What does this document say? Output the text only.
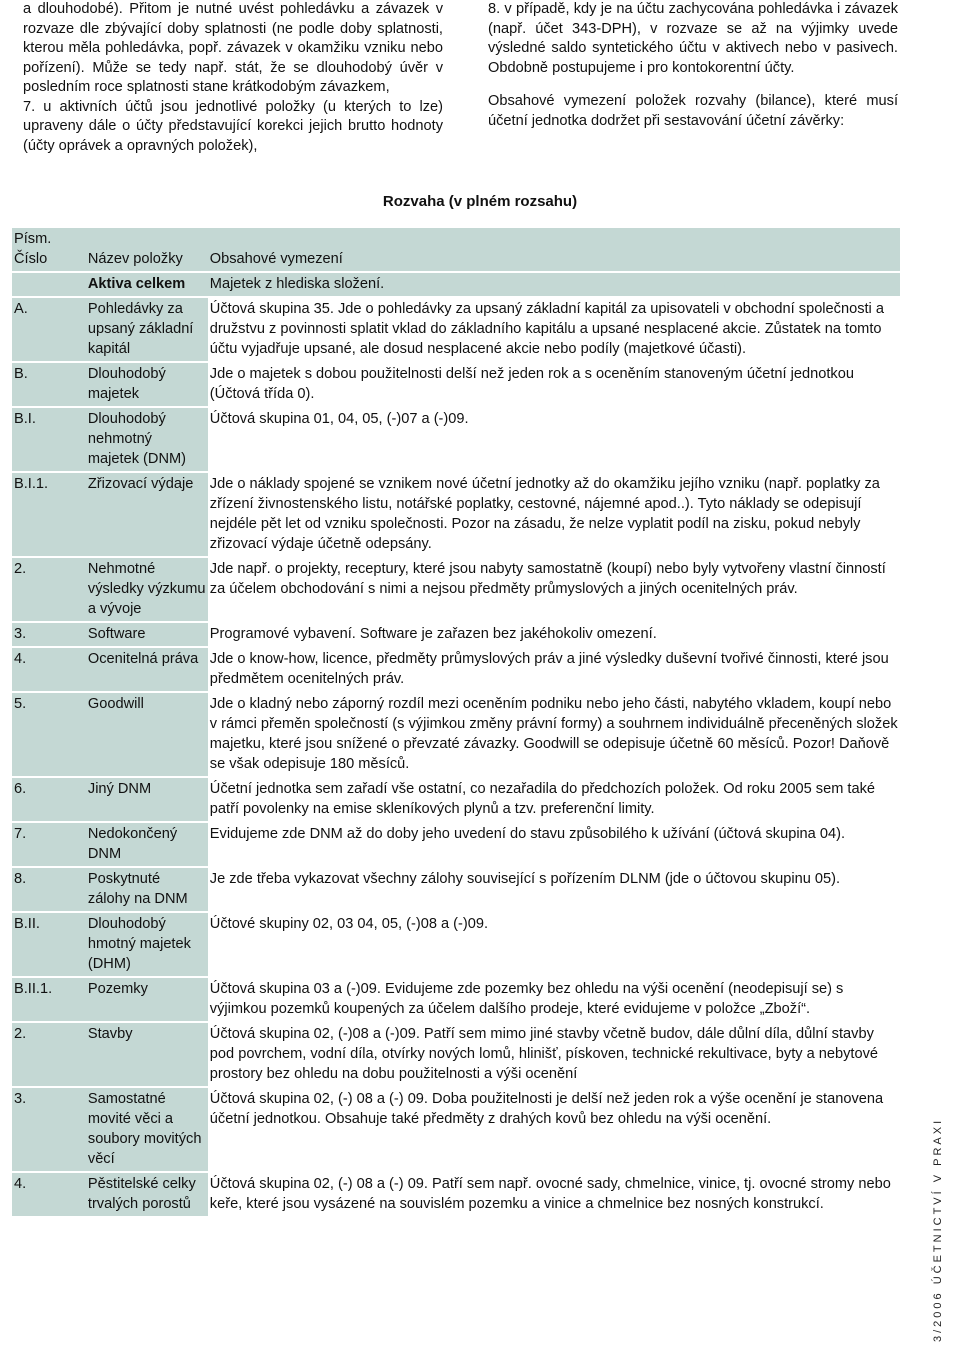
a dlouhodobé). Přitom je nutné uvést pohledávku a závazek v rozvaze dle zbývající doby splatnosti (ne podle doby splatnosti, kterou měla pohledávka, popř. závazek v okamžiku vzniku nebo pořízení). Může se tedy např. stát, že se dlouhodobý úvěr v posledním roce splatnosti stane krátkodobým závazkem,

7. u aktivních účtů jsou jednotlivé položky (u kterých to lze) upraveny dále o účty představující korekci jejich brutto hodnoty (účty oprávek a opravných položek),

8. v případě, kdy je na účtu zachycována pohledávka i závazek (např. účet 343-DPH), v rozvaze se až na výjimky uvede výsledné saldo syntetického účtu v aktivech nebo v pasivech. Obdobně postupujeme i pro kontokorentní účty.

Obsahové vymezení položek rozvahy (bilance), které musí účetní jednotka dodržet při sestavování účetní závěrky:

Rozvaha (v plném rozsahu)
Písm. Číslo	Název položky	Obsahové vymezení
	Aktiva celkem	Majetek z hlediska složení.
A.	Pohledávky za upsaný základní kapitál	Účtová skupina 35. Jde o pohledávky za upsaný základní kapitál za upisovateli v obchodní společnosti a družstvu z povinnosti splatit vklad do základního kapitálu a upsané nesplacené akcie. Zůstatek na tomto účtu vyjadřuje upsané, ale dosud nesplacené akcie nebo podíly (majetkové účasti).
B.	Dlouhodobý majetek	Jde o majetek s dobou použitelnosti delší než jeden rok a s oceněním stanoveným účetní jednotkou (Účtová třída 0).
B.I.	Dlouhodobý nehmotný majetek (DNM)	Účtová skupina 01, 04, 05, (-)07 a (-)09.
B.I.1.	Zřizovací výdaje	Jde o náklady spojené se vznikem nové účetní jednotky až do okamžiku jejího vzniku (např. poplatky za zřízení živnostenského listu, notářské poplatky, cestovné, nájemné apod..). Tyto náklady se odepisují nejdéle pět let od vzniku společnosti. Pozor na zásadu, že nelze vyplatit podíl na zisku, pokud nebyly zřizovací výdaje účetně odepsány.
2.	Nehmotné výsledky výzkumu a vývoje	Jde např. o projekty, receptury, které jsou nabyty samostatně (koupí) nebo byly vytvořeny vlastní činností za účelem obchodování s nimi a nejsou předměty průmyslových a jiných ocenitelných práv.
3.	Software	Programové vybavení. Software je zařazen bez jakéhokoliv omezení.
4.	Ocenitelná práva	Jde o know-how, licence, předměty průmyslových práv a jiné výsledky duševní tvořivé činnosti, které jsou předmětem ocenitelných práv.
5.	Goodwill	Jde o kladný nebo záporný rozdíl mezi oceněním podniku nebo jeho části, nabytého vkladem, koupí nebo v rámci přeměn společností (s výjimkou změny právní formy) a souhrnem individuálně přeceněných složek majetku, které jsou snížené o převzaté závazky. Goodwill se odepisuje účetně 60 měsíců. Pozor! Daňově se však odepisuje 180 měsíců.
6.	Jiný DNM	Účetní jednotka sem zařadí vše ostatní, co nezařadila do předchozích položek. Od roku 2005 sem také patří povolenky na emise skleníkových plynů a tzv. preferenční limity.
7.	Nedokončený DNM	Evidujeme zde DNM až do doby jeho uvedení do stavu způsobilého k užívání (účtová skupina 04).
8.	Poskytnuté zálohy na DNM	Je zde třeba vykazovat všechny zálohy související s pořízením DLNM (jde o účtovou skupinu 05).
B.II.	Dlouhodobý hmotný majetek (DHM)	Účtové skupiny 02, 03 04, 05, (-)08 a (-)09.
B.II.1.	Pozemky	Účtová skupina 03 a (-)09. Evidujeme zde pozemky bez ohledu na výši ocenění (neodepisují se) s výjimkou pozemků koupených za účelem dalšího prodeje, které evidujeme v položce „Zboží“.
2.	Stavby	Účtová skupina 02, (-)08 a (-)09. Patří sem mimo jiné stavby včetně budov, dále důlní díla, důlní stavby pod povrchem, vodní díla, otvírky nových lomů, hlinišť, pískoven, technické rekultivace, byty a nebytové prostory bez ohledu na dobu použitelnosti a výši ocenění
3.	Samostatné movité věci a soubory movitých věcí	Účtová skupina 02, (-) 08 a (-) 09. Doba použitelnosti je delší než jeden rok a výše ocenění je stanovena účetní jednotkou. Obsahuje také předměty z drahých kovů bez ohledu na výši ocenění.
4.	Pěstitelské celky trvalých porostů	Účtová skupina 02, (-) 08 a (-) 09. Patří sem např. ovocné sady, chmelnice, vinice, tj. ovocné stromy nebo keře, které jsou vysázené na souvislém pozemku a vinice a chmelnice bez nosných konstrukcí.	3/2006 ÚČETNICTVÍ V PRAXI
